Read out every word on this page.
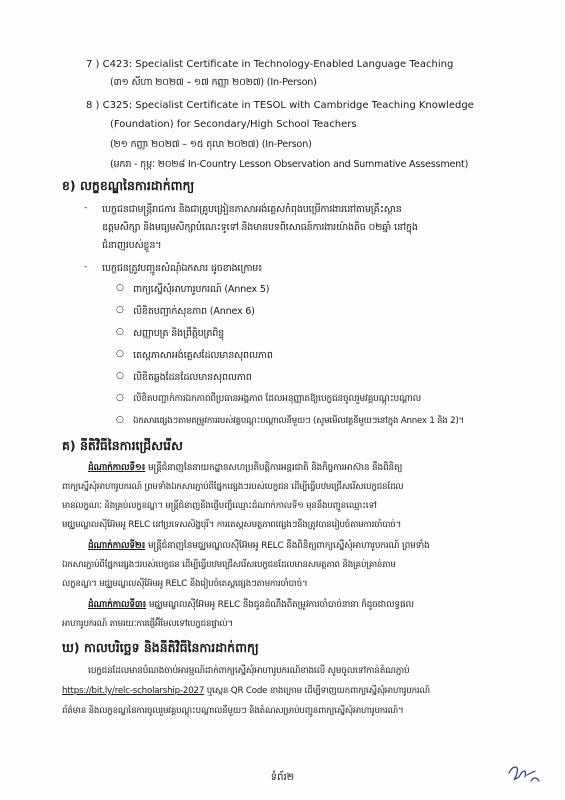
7 ) C423: Specialist Certificate in Technology-Enabled Language Teaching
(៣១ សីហា ២០២៧ – ១៧ កញ្ញា ២០២៧) (In-Person)
8 ) C325: Specialist Certificate in TESOL with Cambridge Teaching Knowledge
(Foundation) for Secondary/High School Teachers
(២១ កញ្ញា ២០២៧ – ១៥ តុលា ២០២៧) (In-Person)
(មករា - កុម្ភៈ ២០២៨ In-Country Lesson Observation and Summative Assessment)
ខ) លក្ខខណ្ឌនៃការដាក់ពាក្យ
- បេក្ខជនជាមន្ត្រីរាជការ និងជាគ្រូបង្រៀនភាសាអង់គ្លេសកំពុងបម្រើការងារនៅតាមគ្រឹះស្ថាន
ឧត្តមសិក្សា និងមធ្យមសិក្សាបំណេះទូទៅ និងមានបទពិសោធន៍ការងារយ៉ាងតិច ០២ឆ្នាំ នៅក្នុង
ជំនាញរបស់ខ្លួន។
- បេក្ខជនត្រូវបញ្ជូនសំណុំឯកសារ ដូចខាងក្រោម៖
○ ពាក្យស្នើសុំអាហារូបករណ៍ (Annex 5)
○ លិខិតបញ្ជាក់សុខភាព (Annex 6)
○ សញ្ញាបត្រ និងព្រឹត្តិបត្រពិន្ទុ
○ តេស្តភាសាអង់គ្លេសដែលមានសុពលភាព
○ លិខិតឆ្លងដែនដែលមានសុពលភាព
○ លិខិតបញ្ជាក់ការឯកភាពពីប្រធានអង្គភាព ដែលអនុញ្ញាតឱ្យបេក្ខជនចូលរួមវគ្គបណ្តុះបណ្តាល
○ ឯកសារផ្សេងៗតាមតម្រូវការរបស់វគ្គបណ្តុះបណ្តាលនីមួយៗ (សូមមើលវគ្គនីមួយៗនៅក្នុង Annex 1 និង 2)។
គ) នីតិវិធីនៃការជ្រើសរើស
ដំណាក់កាលទី១៖ មន្ត្រីជំនាញនៃនាយកដ្ឋានសហប្រតិបត្តិការអន្តរជាតិ និងកិច្ចការអាស៊ាន នឹងពិនិត្យ
ពាក្យស្នើសុំអាហារូបករណ៍ ព្រមទាំងឯកសារភ្ជាប់ពីផ្នែកផ្សេងៗរបស់បេក្ខជន ដើម្បីធ្វើបឋមជ្រើសរើសបេក្ខជនដែល
មានលក្ខណៈ និងគ្រប់លក្ខខណ្ឌ។ មន្ត្រីជំនាញនឹងផ្ញើបញ្ជីឈ្មោះដំណាក់កាលទី១ មុននឹងបញ្ជូនឈ្មោះទៅ
មជ្ឈមណ្ឌលស៊ីអ៊ែមអូ RELC នៅប្រទេសសិង្ហបុរី។ ការតេស្តសមត្ថភាពផ្សេងៗនឹងត្រូវបានរៀបចំតាមការចាំបាច់។
ដំណាក់កាលទី២៖ មន្ត្រីជំនាញនៃមជ្ឈមណ្ឌលស៊ីអ៊ែមអូ RELC នឹងពិនិត្យពាក្យស្នើសុំអាហារូបករណ៍ ព្រមទាំង
ឯកសារភ្ជាប់ពីផ្នែកផ្សេងៗរបស់បេក្ខជន ដើម្បីធ្វើបឋមជ្រើសរើសបេក្ខជនដែលមានសមត្ថភាព និងគ្រប់គ្រាន់តាម
លក្ខខណ្ឌ។ មជ្ឈមណ្ឌលស៊ីអ៊ែមអូ RELC នឹងរៀបចំតេស្តផ្សេងៗតាមការចាំបាច់។
ដំណាក់កាលទី៣៖ មជ្ឈមណ្ឌលស៊ីអ៊ែមអូ RELC នឹងជូនដំណឹងពីតម្រូវការចាំបាច់នានា ក៏ដូចជាលទ្ធផល
អាហារូបករណ៍ តាមរយៈការផ្ញើអ៊ីមែលទៅបេក្ខជនផ្ទាល់។
ឃ) កាលបរិច្ឆេទ និងនីតិវិធីនៃការដាក់ពាក្យ
បេក្ខជនដែលមានបំណងចាប់អារម្មណ៍ដាក់ពាក្យស្នើសុំអាហារូបករណ៍ខាងលើ សូមចូលទៅកាន់តំណភ្ជាប់
https://bit.ly/relc-scholarship-2027 ឬស្កេន QR Code ខាងក្រោម ដើម្បីទាញយកពាក្យស្នើសុំអាហារូបករណ៍
ព័ត៌មាន និងលក្ខខណ្ឌនៃការចូលរួមវគ្គបណ្តុះបណ្តាលនីមួយៗ និងតំណសម្រាប់បញ្ជូនពាក្យស្នើសុំអាហារូបករណ៍។
ទំព័រ២
